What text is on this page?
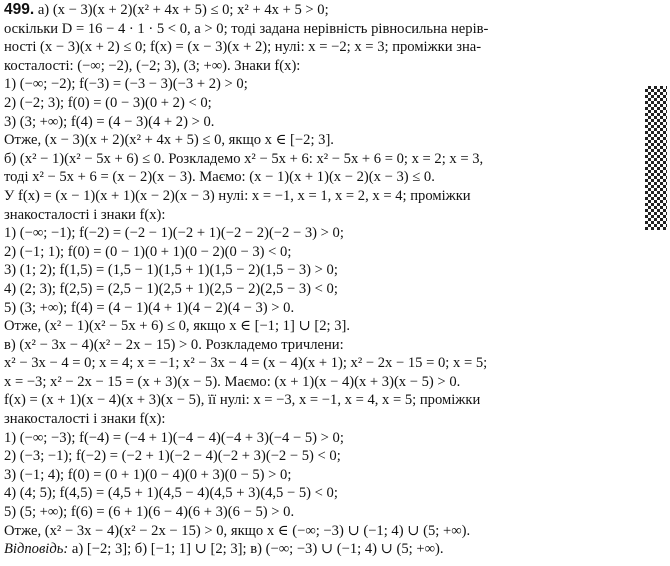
499. а) (x − 3)(x + 2)(x² + 4x + 5) ≤ 0; x² + 4x + 5 > 0;
оскільки D = 16 − 4 · 1 · 5 < 0, a > 0; тоді задана нерівність рівносильна нерів-
ності (x − 3)(x + 2) ≤ 0; f(x) = (x − 3)(x + 2); нулі: x = −2; x = 3; проміжки зна-
косталості: (−∞; −2), (−2; 3), (3; +∞). Знаки f(x):
1) (−∞; −2); f(−3) = (−3 − 3)(−3 + 2) > 0;
2) (−2; 3); f(0) = (0 − 3)(0 + 2) < 0;
3) (3; +∞); f(4) = (4 − 3)(4 + 2) > 0.
Отже, (x − 3)(x + 2)(x² + 4x + 5) ≤ 0, якщо x ∈ [−2; 3].
б) (x² − 1)(x² − 5x + 6) ≤ 0. Розкладемо x² − 5x + 6: x² − 5x + 6 = 0; x = 2; x = 3,
тоді x² − 5x + 6 = (x − 2)(x − 3). Маємо: (x − 1)(x + 1)(x − 2)(x − 3) ≤ 0.
У f(x) = (x − 1)(x + 1)(x − 2)(x − 3) нулі: x = −1, x = 1, x = 2, x = 4; проміжки
знакосталості і знаки f(x):
1) (−∞; −1); f(−2) = (−2 − 1)(−2 + 1)(−2 − 2)(−2 − 3) > 0;
2) (−1; 1); f(0) = (0 − 1)(0 + 1)(0 − 2)(0 − 3) < 0;
3) (1; 2); f(1,5) = (1,5 − 1)(1,5 + 1)(1,5 − 2)(1,5 − 3) > 0;
4) (2; 3); f(2,5) = (2,5 − 1)(2,5 + 1)(2,5 − 2)(2,5 − 3) < 0;
5) (3; +∞); f(4) = (4 − 1)(4 + 1)(4 − 2)(4 − 3) > 0.
Отже, (x² − 1)(x² − 5x + 6) ≤ 0, якщо x ∈ [−1; 1] ∪ [2; 3].
в) (x² − 3x − 4)(x² − 2x − 15) > 0. Розкладемо тричлени:
x² − 3x − 4 = 0; x = 4; x = −1; x² − 3x − 4 = (x − 4)(x + 1); x² − 2x − 15 = 0; x = 5;
x = −3; x² − 2x − 15 = (x + 3)(x − 5). Маємо: (x + 1)(x − 4)(x + 3)(x − 5) > 0.
f(x) = (x + 1)(x − 4)(x + 3)(x − 5), її нулі: x = −3, x = −1, x = 4, x = 5; проміжки
знакосталості і знаки f(x):
1) (−∞; −3); f(−4) = (−4 + 1)(−4 − 4)(−4 + 3)(−4 − 5) > 0;
2) (−3; −1); f(−2) = (−2 + 1)(−2 − 4)(−2 + 3)(−2 − 5) < 0;
3) (−1; 4); f(0) = (0 + 1)(0 − 4)(0 + 3)(0 − 5) > 0;
4) (4; 5); f(4,5) = (4,5 + 1)(4,5 − 4)(4,5 + 3)(4,5 − 5) < 0;
5) (5; +∞); f(6) = (6 + 1)(6 − 4)(6 + 3)(6 − 5) > 0.
Отже, (x² − 3x − 4)(x² − 2x − 15) > 0, якщо x ∈ (−∞; −3) ∪ (−1; 4) ∪ (5; +∞).
Відповідь: а) [−2; 3]; б) [−1; 1] ∪ [2; 3]; в) (−∞; −3) ∪ (−1; 4) ∪ (5; +∞).
